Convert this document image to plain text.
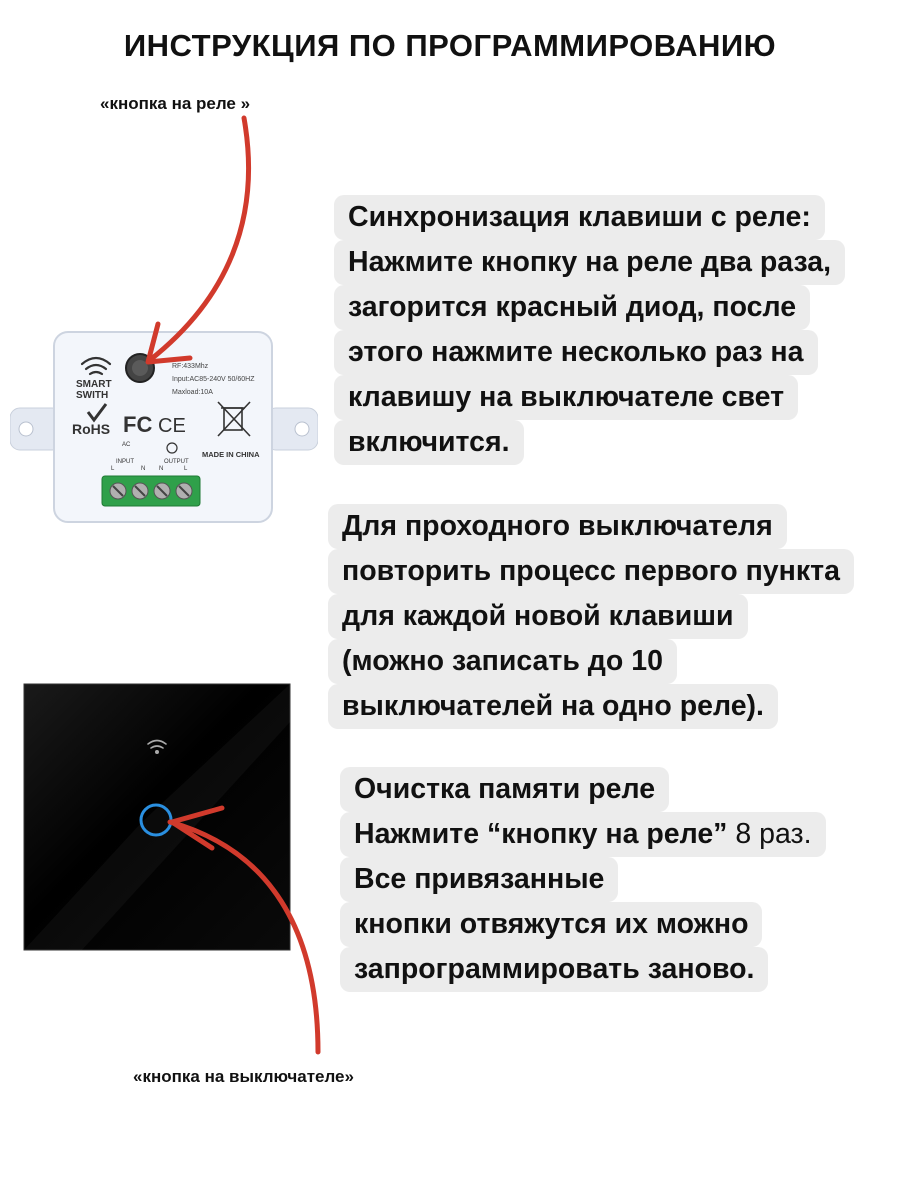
ИНСТРУКЦИЯ ПО ПРОГРАММИРОВАНИЮ
«кнопка на реле »
«кнопка на выключателе»
SMART
SWITH
RF:433Mhz
Input:AC85-240V 50/60HZ
Maxload:10A
RoHS FC CE
AC
INPUT	OUTPUT
MADE IN CHINA
L	N N	L
Синхронизация клавиши с реле:
Нажмите кнопку на реле два раза,
загорится красный диод, после
этого нажмите несколько раз на
клавишу на выключателе свет
включится.
Для проходного выключателя
повторить процесс первого пункта
для каждой новой клавиши
(можно записать до 10
выключателей на одно реле).
Очистка памяти реле
Нажмите “кнопку на реле” 8 раз.
Все привязанные
кнопки отвяжутся их можно
запрограммировать заново.
